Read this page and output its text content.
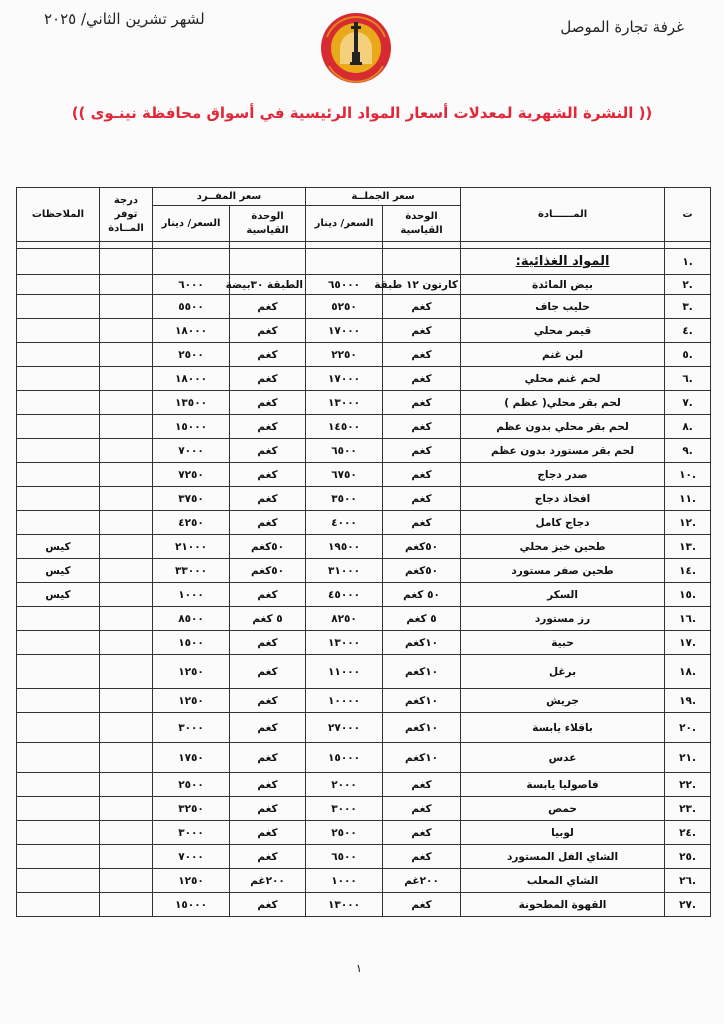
غرفة تجارة الموصل
لشهر تشرين الثاني/ ٢٠٢٥
(( النشرة الشهرية لمعدلات أسعار المواد الرئيسية في أسواق محافظة نينـوى ))
ت	المــــــادة	سعر الجملــة		سعر المفــرد		درجة توفر المــادة	الملاحظات
		الوحدة القياسية	السعر/ دينار	الوحدة القياسية	السعر/ دينار		

.١	المواد الغذائية:						
.٢	بيض المائدة	كارتون ١٢ طبقة	٦٥٠٠٠	الطبقة ٣٠بيضة	٦٠٠٠		
.٣	حليب جاف	كغم	٥٢٥٠	كغم	٥٥٠٠		
.٤	قيمر محلي	كغم	١٧٠٠٠	كغم	١٨٠٠٠		
.٥	لبن غنم	كغم	٢٢٥٠	كغم	٢٥٠٠		
.٦	لحم غنم محلي	كغم	١٧٠٠٠	كغم	١٨٠٠٠		
.٧	لحم بقر محلي( عظم )	كغم	١٣٠٠٠	كغم	١٣٥٠٠		
.٨	لحم بقر محلي بدون عظم	كغم	١٤٥٠٠	كغم	١٥٠٠٠		
.٩	لحم بقر مستورد بدون عظم	كغم	٦٥٠٠	كغم	٧٠٠٠		
.١٠	صدر دجاج	كغم	٦٧٥٠	كغم	٧٢٥٠		
.١١	افخاذ دجاج	كغم	٣٥٠٠	كغم	٣٧٥٠		
.١٢	دجاج كامل	كغم	٤٠٠٠	كغم	٤٢٥٠		
.١٣	طحين خبز محلي	٥٠كغم	١٩٥٠٠	٥٠كغم	٢١٠٠٠		كيس
.١٤	طحين صفر مستورد	٥٠كغم	٣١٠٠٠	٥٠كغم	٣٣٠٠٠		كيس
.١٥	السكر	٥٠ كغم	٤٥٠٠٠	كغم	١٠٠٠		كيس
.١٦	رز مستورد	٥ كغم	٨٢٥٠	٥ كغم	٨٥٠٠		
.١٧	حبية	١٠كغم	١٣٠٠٠	كغم	١٥٠٠		
.١٨	برغل	١٠كغم	١١٠٠٠	كغم	١٢٥٠		
.١٩	جريش	١٠كغم	١٠٠٠٠	كغم	١٢٥٠		
.٢٠	باقلاء يابسة	١٠كغم	٢٧٠٠٠	كغم	٣٠٠٠		
.٢١	عدس	١٠كغم	١٥٠٠٠	كغم	١٧٥٠		
.٢٢	فاصوليا يابسة	كغم	٢٠٠٠	كغم	٢٥٠٠		
.٢٣	حمص	كغم	٣٠٠٠	كغم	٣٢٥٠		
.٢٤	لوبيا	كغم	٢٥٠٠	كغم	٣٠٠٠		
.٢٥	الشاي الفل المستورد	كغم	٦٥٠٠	كغم	٧٠٠٠		
.٢٦	الشاي المعلب	٢٠٠غم	١٠٠٠	٢٠٠غم	١٢٥٠		
.٢٧	القهوة المطحونة	كغم	١٣٠٠٠	كغم	١٥٠٠٠		
١
